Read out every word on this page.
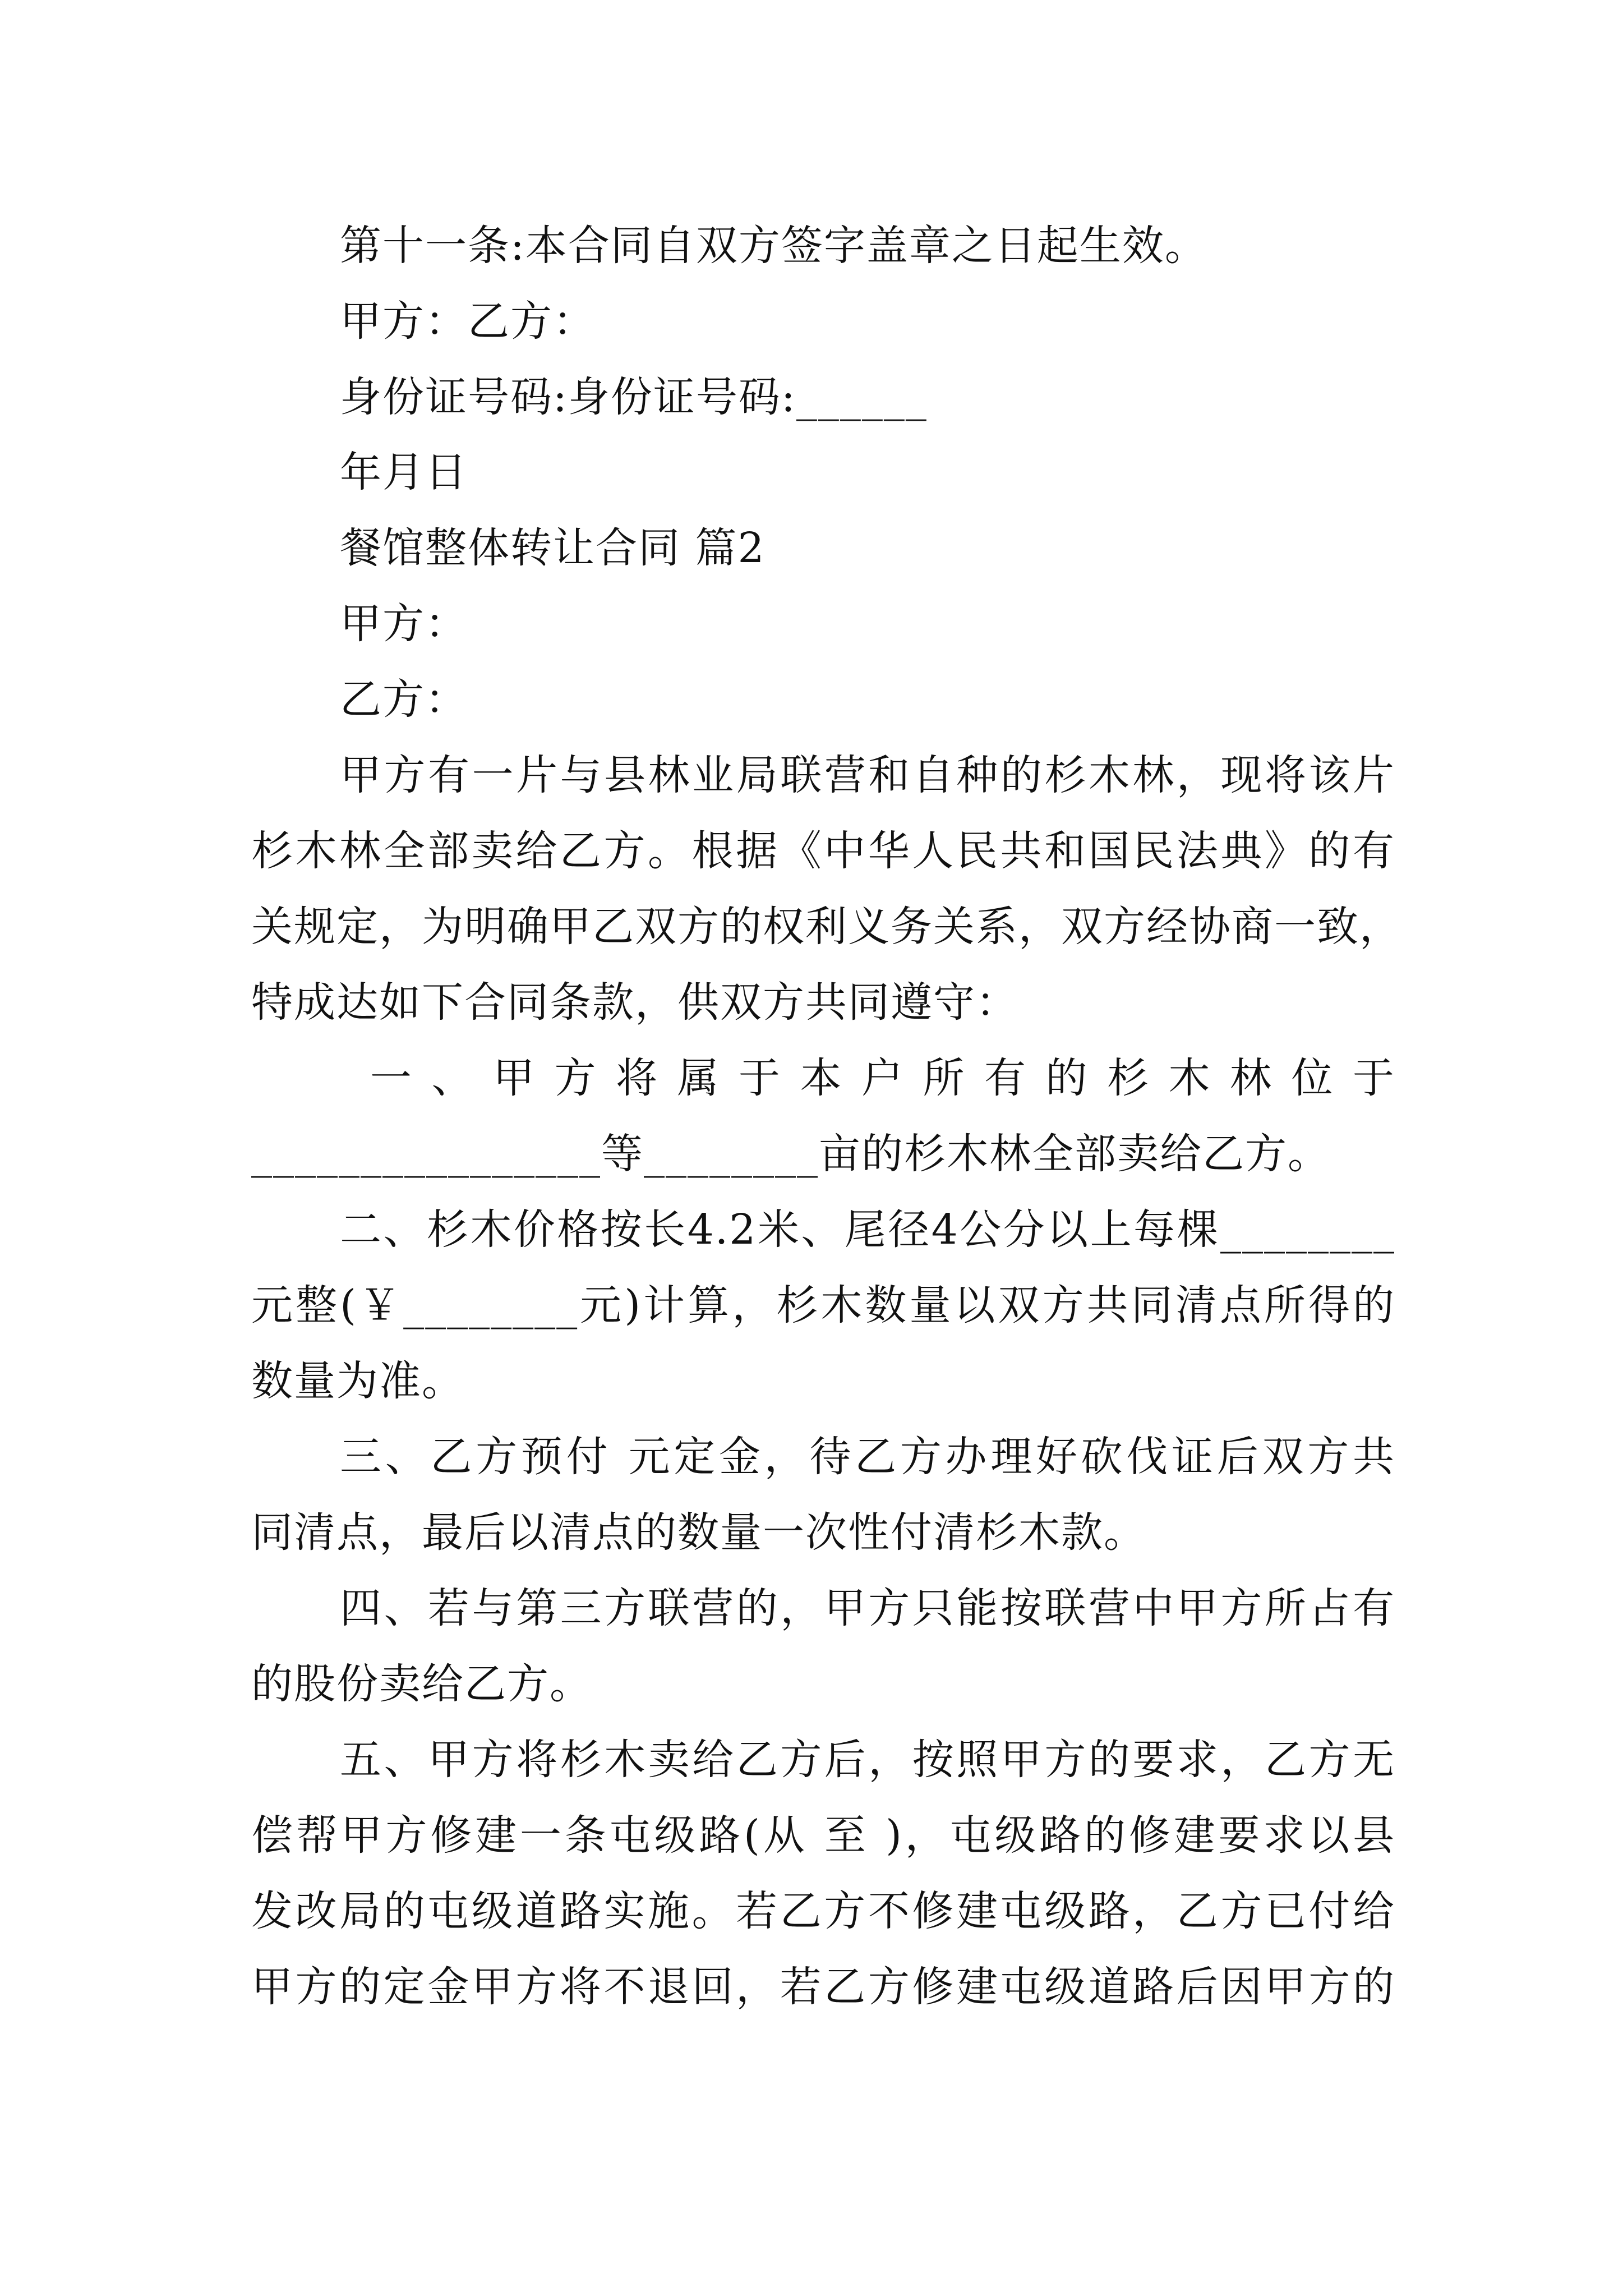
第十一条:本合同自双方签字盖章之日起生效。
甲方：乙方：
身份证号码:身份证号码:______
年月日
餐馆整体转让合同 篇2
甲方：
乙方：
甲方有一片与县林业局联营和自种的杉木林，现将该片
杉木林全部卖给乙方。根据《中华人民共和国民法典》的有
关规定，为明确甲乙双方的权利义务关系，双方经协商一致，
特成达如下合同条款，供双方共同遵守：
一、甲方将属于本户所有的杉木林位于
________________等________亩的杉木林全部卖给乙方。
二、杉木价格按长4.2米、尾径4公分以上每棵________
元整(￥________元)计算，杉木数量以双方共同清点所得的
数量为准。
三、乙方预付 元定金，待乙方办理好砍伐证后双方共
同清点，最后以清点的数量一次性付清杉木款。
四、若与第三方联营的，甲方只能按联营中甲方所占有
的股份卖给乙方。
五、甲方将杉木卖给乙方后，按照甲方的要求，乙方无
偿帮甲方修建一条屯级路(从 至 )，屯级路的修建要求以县
发改局的屯级道路实施。若乙方不修建屯级路，乙方已付给
甲方的定金甲方将不退回，若乙方修建屯级道路后因甲方的
